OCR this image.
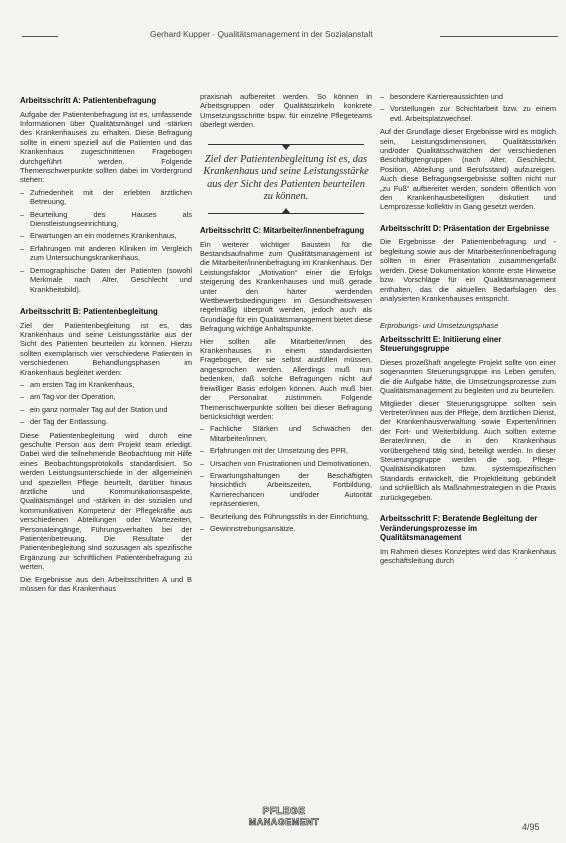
Gerhard Kupper · Qualitätsmanagement in der Sozialanstalt
Arbeitsschritt A: Patientenbefragung

Aufgabe der Patientenbefragung ist es, umfassende Informationen über Qualitätsmängel und -stärken des Krankenhauses zu erhalten. Diese Befragung sollte in einem speziell auf die Patienten und das Krankenhaus zugeschnittenen Fragebogen durchgeführt werden. Folgende Themenschwerpunkte sollten dabei im Vordergrund stehen:

– Zufriedenheit mit der erlebten ärztlichen Betreuung,
– Beurteilung des Hauses als Dienstleistungseinrichtung,
– Erwartungen an ein modernes Krankenhaus,
– Erfahrungen mit anderen Kliniken im Vergleich zum Untersuchungskrankenhaus,
– Demographische Daten der Patienten (sowohl Merkmale nach Alter, Geschlecht und Krankheitsbild).
Arbeitsschritt B: Patientenbegleitung

Ziel der Patientenbegleitung ist es, das Krankenhaus und seine Leistungsstärke aus der Sicht des Patienten beurteilen zu können. Hierzu sollten exemplarisch vier verschiedene Patienten in verschiedenen Behandlungsphasen im Krankenhaus begleitet werden:

– am ersten Tag im Krankenhaus,
– am Tag vor der Operation,
– ein ganz normaler Tag auf der Station und
– der Tag der Entlassung.

Diese Patientenbegleitung wird durch eine geschulte Person aus dem Projekt team erledigt. Dabei wird die teilnehmende Beobachtung mit Hilfe eines Beobachtungsprotokolls standardisiert. So werden Leistungsunterschiede in der allgemeinen und speziellen Pflege beurteilt, darüber hinaus ärztliche und Kommunikationsaspekte, Qualitätsmängel und -stärken in der sozialen und kommunikativen Kompetenz der Pflegekräfte aus verschiedenen Abteilungen oder Wartezeiten, Personaleingänge, Führungsverhalten bei der Patientenbetreuung. Die Resultate der Patientenbegleitung sind sozusagen als spezifische Ergänzung zur schriftlichen Patientenbefragung zu werten.

Die Ergebnisse aus den Arbeitsschritten A und B müssen für das Krankenhaus

praxisnah aufbereitet werden. So können in Arbeitsgruppen oder Qualitätszirkeln konkrete Umsetzungsschritte bspw. für einzelne Pflegeteams überlegt werden.

Ziel der Patientenbegleitung ist es, das Krankenhaus und seine Leistungsstärke aus der Sicht des Patienten beurteilen zu können.
Arbeitsschritt C: Mitarbeiter/innenbefragung

Ein weiterer wichtiger Baustein für die Bestandsaufnahme zum Qualitätsmanagement ist die Mitarbeiter/innenbefragung im Krankenhaus. Der Leistungsfaktor „Motivation“ einer die Erfolgs steigerung des Krankenhauses und muß gerade unter den härter werdenden Wettbewerbsbedingungen im Gesundheitswesen regelmäßig überprüft werden, jedoch auch als Grundlage für ein Qualitätsmanagement bietet diese Befragung wichtige Anhaltspunkte.

Hier sollten alle Mitarbeiter/innen des Krankenhauses in einem standardisierten Fragebogen, der sie selbst ausfüllen müssen, angesprochen werden. Allerdings muß nun bedenken, daß solche Befragungen nicht auf freiwilliger Basis erfolgen können. Auch muß hier der Personalrat zustimmen. Folgende Themenschwerpunkte sollten bei dieser Befragung berücksichtigt werden:

– Fachliche Stärken und Schwächen der Mitarbeiter/innen,
– Erfahrungen mit der Umsetzung des PPR,
– Ursachen von Frustrationen und Demotivationen,
– Erwartungshaltungen der Beschäftigten hinsichtlich Arbeitszeiten, Fortbildung, Karrierechancen und/oder Autorität repräsentieren,
– Beurteilung des Führungsstils in der Einrichtung,
– Gewinnstrebungsansätze.
– besondere Karriereaussichten und
– Vorstellungen zur Schichtarbeit bzw. zu einem evtl. Arbeitsplatzwechsel.

Auf der Grundlage dieser Ergebnisse wird es möglich sein, Leistungsdimensionen, Qualitätsstärken und/oder Qualitätsschwächen der verschiedenen Beschäftigtengruppen (nach Alter, Geschlecht, Position, Abteilung und Berufsstand) aufzuzeigen. Auch diese Befragungsergebnisse sollten nicht nur „zu Fuß“ aufbereitet werden, sondern öffentlich von den Krankenhausbeteiligten diskutiert und Lernprozesse kollektiv in Gang gesetzt werden.

Arbeitsschritt D: Präsentation der Ergebnisse

Die Ergebnisse der Patientenbefragung und -begleitung sowie aus der Mitarbeiter/innenbefragung sollten in einer Präsentation zusammengefaßt werden. Diese Dokumentation könnte erste Hinweise bzw. Vorschläge für ein Qualitätsmanagement enthalten, das die aktuellen Bedarfslagen des analysierten Krankenhauses entspricht.

Erprobungs- und Umsetzungsphase

Arbeitsschritt E: Initiierung einer Steuerungsgruppe

Dieses prozeßhaft angelegte Projekt sollte von einer sogenannten Steuerungsgruppe ins Leben gerufen, die die Aufgabe hätte, die Umsetzungsprozesse zum Qualitätsmanagement zu begleiten und zu beurteilen.

Mitglieder dieser Steuerungsgruppe sollten sein Vertreter/innen aus der Pflege, dem ärztlichen Dienst, der Krankenhausverwaltung sowie Experten/innen der Fort- und Weiterbildung. Auch sollten externe Berater/innen, die in den Krankenhaus vorübergehend tätig sind, beteiligt werden. In dieser Steuerungsgruppe werden die sog. Pflege-Qualitätsindikatoren bzw. systemspezifischen Standards entwickelt, die Projektleitung gebündelt und schließlich als Maßnahmestrategien in die Praxis zurückgegeben.

Arbeitsschritt F: Beratende Begleitung der Veränderungsprozesse im Qualitätsmanagement

Im Rahmen dieses Konzeptes wird das Krankenhaus geschäftsleitung durch

PFLEGE
MANAGEMENT	4/95
